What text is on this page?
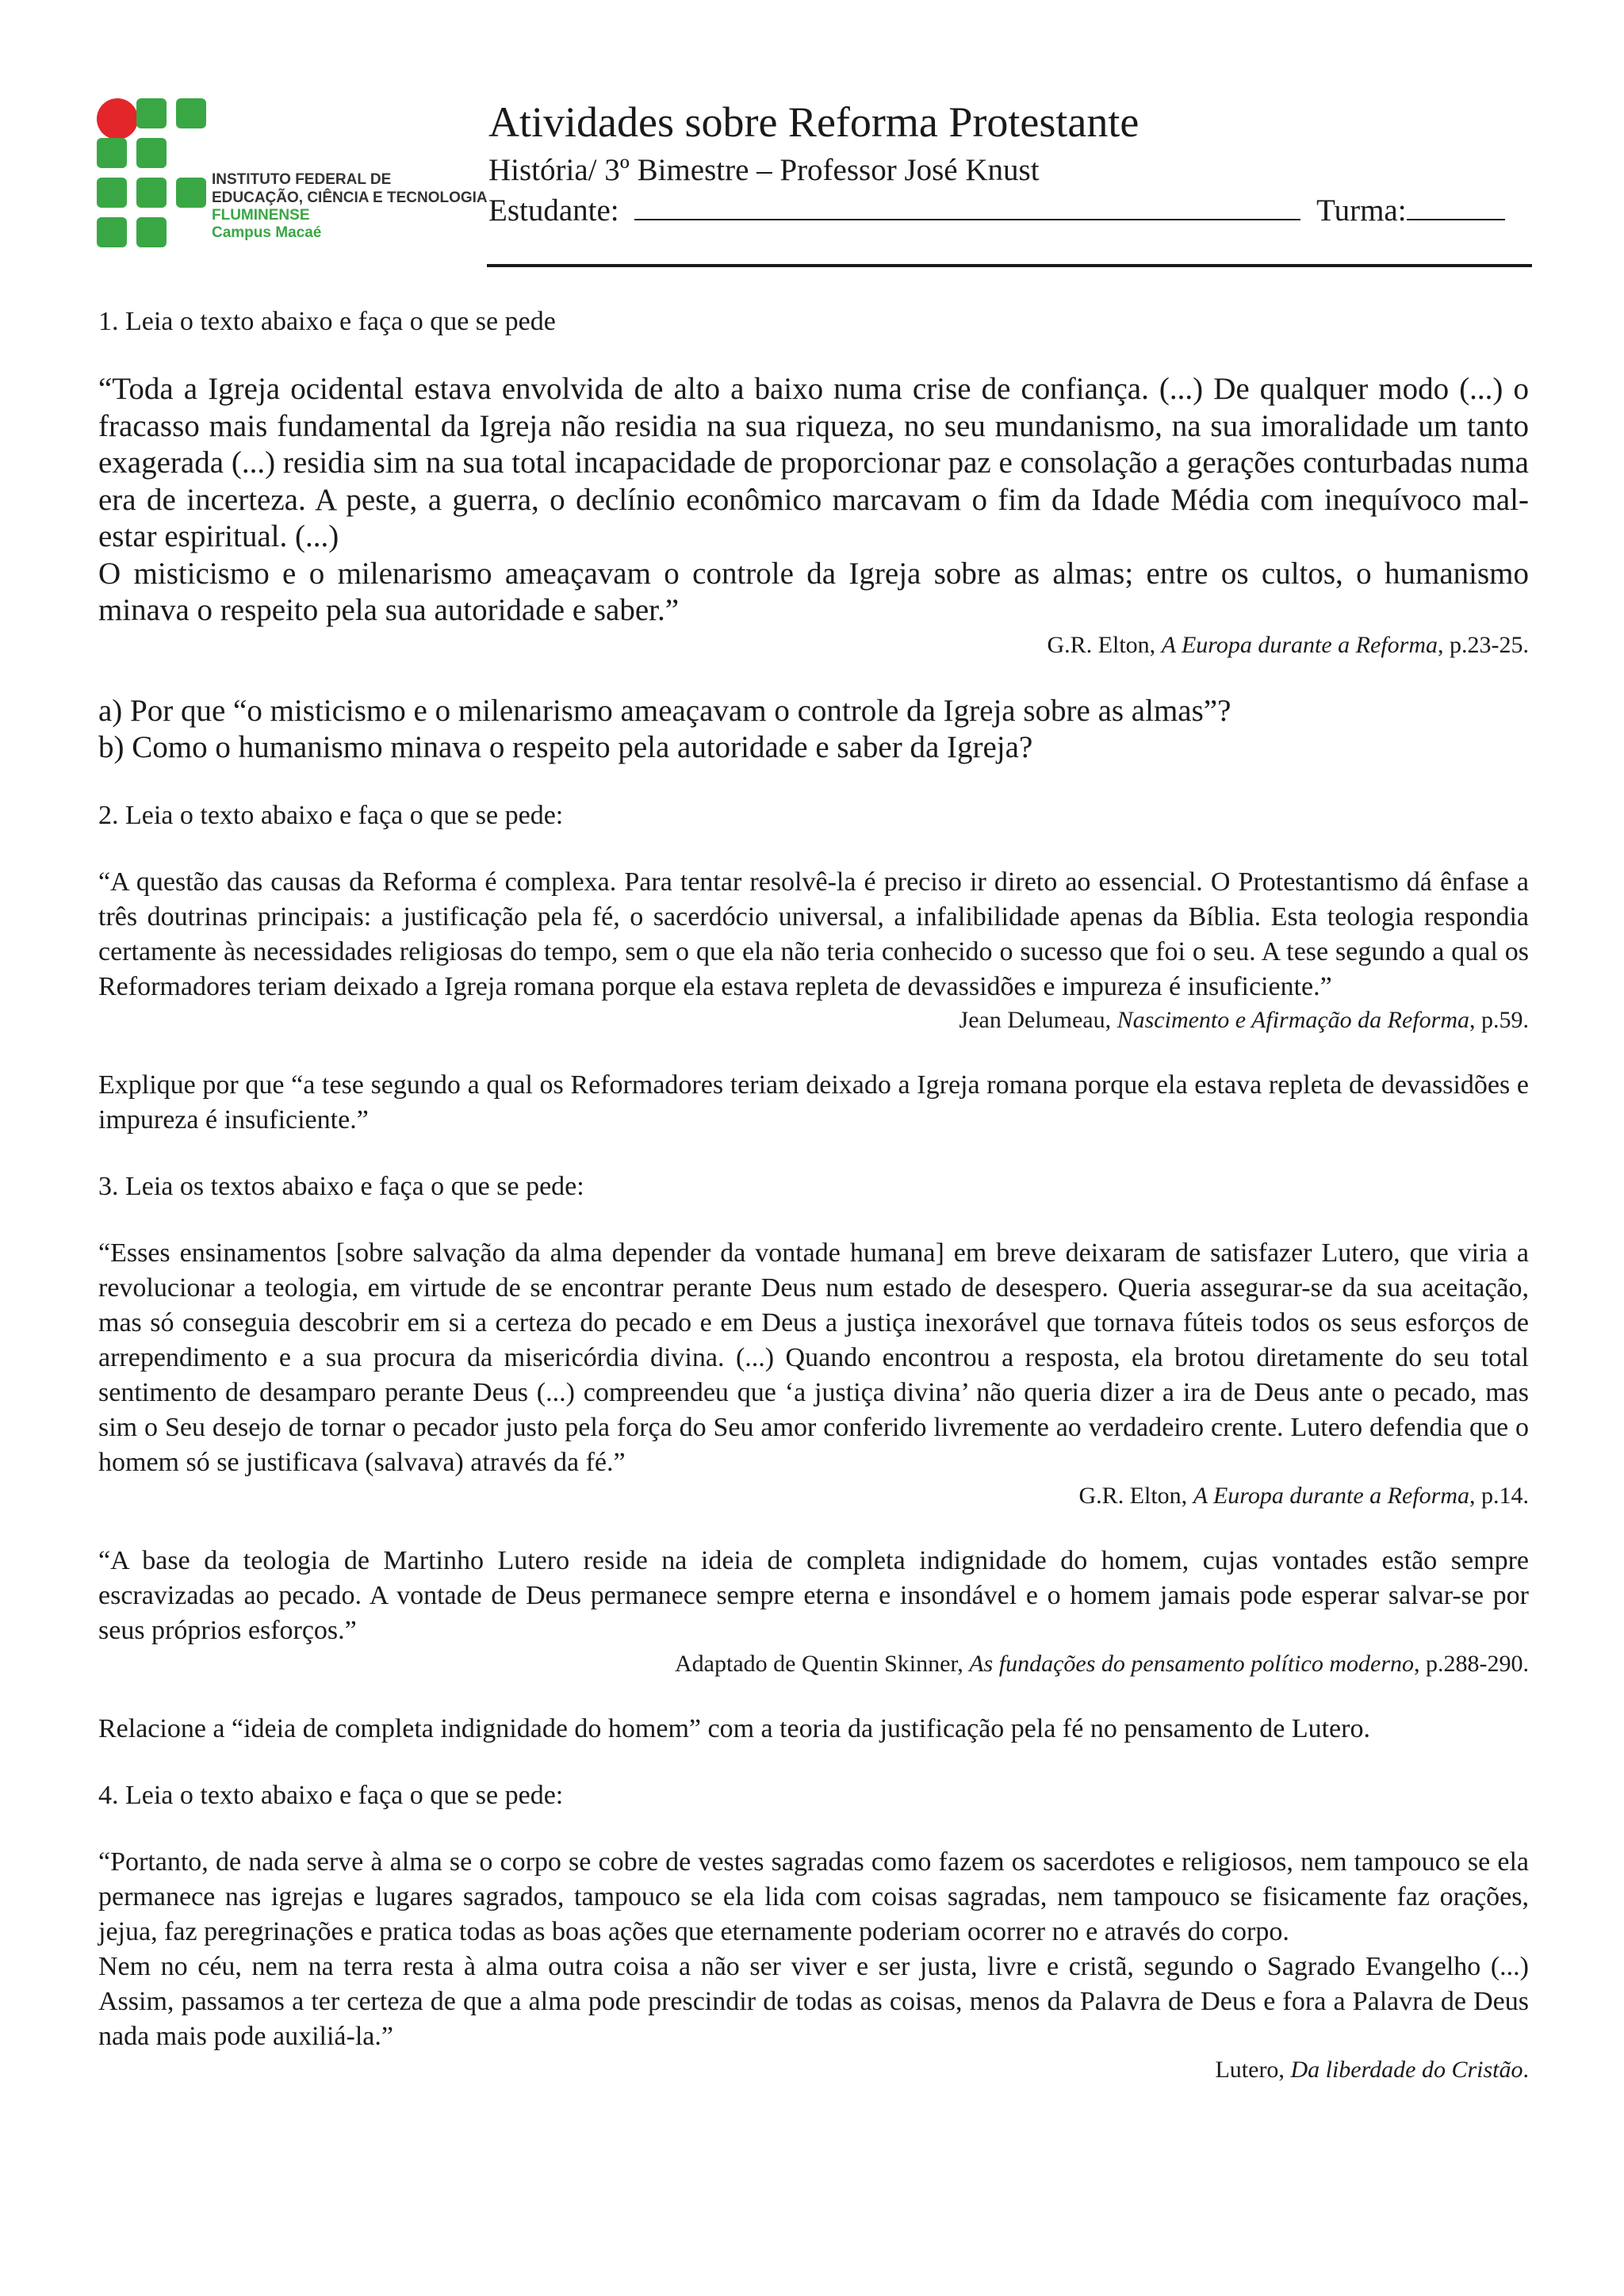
INSTITUTO FEDERAL DE
EDUCAÇÃO, CIÊNCIA E TECNOLOGIA
FLUMINENSE
Campus Macaé
Atividades sobre Reforma Protestante
História/ 3º Bimestre – Professor José Knust
Estudante:	Turma:

1. Leia o texto abaixo e faça o que se pede

“Toda a Igreja ocidental estava envolvida de alto a baixo numa crise de confiança. (...) De qualquer modo (...) o fracasso mais fundamental da Igreja não residia na sua riqueza, no seu mundanismo, na sua imoralidade um tanto exagerada (...) residia sim na sua total incapacidade de proporcionar paz e consolação a gerações conturbadas numa era de incerteza. A peste, a guerra, o declínio econômico marcavam o fim da Idade Média com inequívoco mal-estar espiritual. (...)

O misticismo e o milenarismo ameaçavam o controle da Igreja sobre as almas; entre os cultos, o humanismo minava o respeito pela sua autoridade e saber.”

G.R. Elton, A Europa durante a Reforma, p.23-25.

a) Por que “o misticismo e o milenarismo ameaçavam o controle da Igreja sobre as almas”?

b) Como o humanismo minava o respeito pela autoridade e saber da Igreja?

2. Leia o texto abaixo e faça o que se pede:

“A questão das causas da Reforma é complexa. Para tentar resolvê-la é preciso ir direto ao essencial. O Protestantismo dá ênfase a três doutrinas principais: a justificação pela fé, o sacerdócio universal, a infalibilidade apenas da Bíblia. Esta teologia respondia certamente às necessidades religiosas do tempo, sem o que ela não teria conhecido o sucesso que foi o seu. A tese segundo a qual os Reformadores teriam deixado a Igreja romana porque ela estava repleta de devassidões e impureza é insuficiente.”

Jean Delumeau, Nascimento e Afirmação da Reforma, p.59.

Explique por que “a tese segundo a qual os Reformadores teriam deixado a Igreja romana porque ela estava repleta de devassidões e impureza é insuficiente.”

3. Leia os textos abaixo e faça o que se pede:

“Esses ensinamentos [sobre salvação da alma depender da vontade humana] em breve deixaram de satisfazer Lutero, que viria a revolucionar a teologia, em virtude de se encontrar perante Deus num estado de desespero. Queria assegurar-se da sua aceitação, mas só conseguia descobrir em si a certeza do pecado e em Deus a justiça inexorável que tornava fúteis todos os seus esforços de arrependimento e a sua procura da misericórdia divina. (...) Quando encontrou a resposta, ela brotou diretamente do seu total sentimento de desamparo perante Deus (...) compreendeu que ‘a justiça divina’ não queria dizer a ira de Deus ante o pecado, mas sim o Seu desejo de tornar o pecador justo pela força do Seu amor conferido livremente ao verdadeiro crente. Lutero defendia que o homem só se justificava (salvava) através da fé.”

G.R. Elton, A Europa durante a Reforma, p.14.

“A base da teologia de Martinho Lutero reside na ideia de completa indignidade do homem, cujas vontades estão sempre escravizadas ao pecado. A vontade de Deus permanece sempre eterna e insondável e o homem jamais pode esperar salvar-se por seus próprios esforços.”

Adaptado de Quentin Skinner, As fundações do pensamento político moderno, p.288-290.

Relacione a “ideia de completa indignidade do homem” com a teoria da justificação pela fé no pensamento de Lutero.

4. Leia o texto abaixo e faça o que se pede:

“Portanto, de nada serve à alma se o corpo se cobre de vestes sagradas como fazem os sacerdotes e religiosos, nem tampouco se ela permanece nas igrejas e lugares sagrados, tampouco se ela lida com coisas sagradas, nem tampouco se fisicamente faz orações, jejua, faz peregrinações e pratica todas as boas ações que eternamente poderiam ocorrer no e através do corpo.

Nem no céu, nem na terra resta à alma outra coisa a não ser viver e ser justa, livre e cristã, segundo o Sagrado Evangelho (...) Assim, passamos a ter certeza de que a alma pode prescindir de todas as coisas, menos da Palavra de Deus e fora a Palavra de Deus nada mais pode auxiliá-la.”

Lutero, Da liberdade do Cristão.
